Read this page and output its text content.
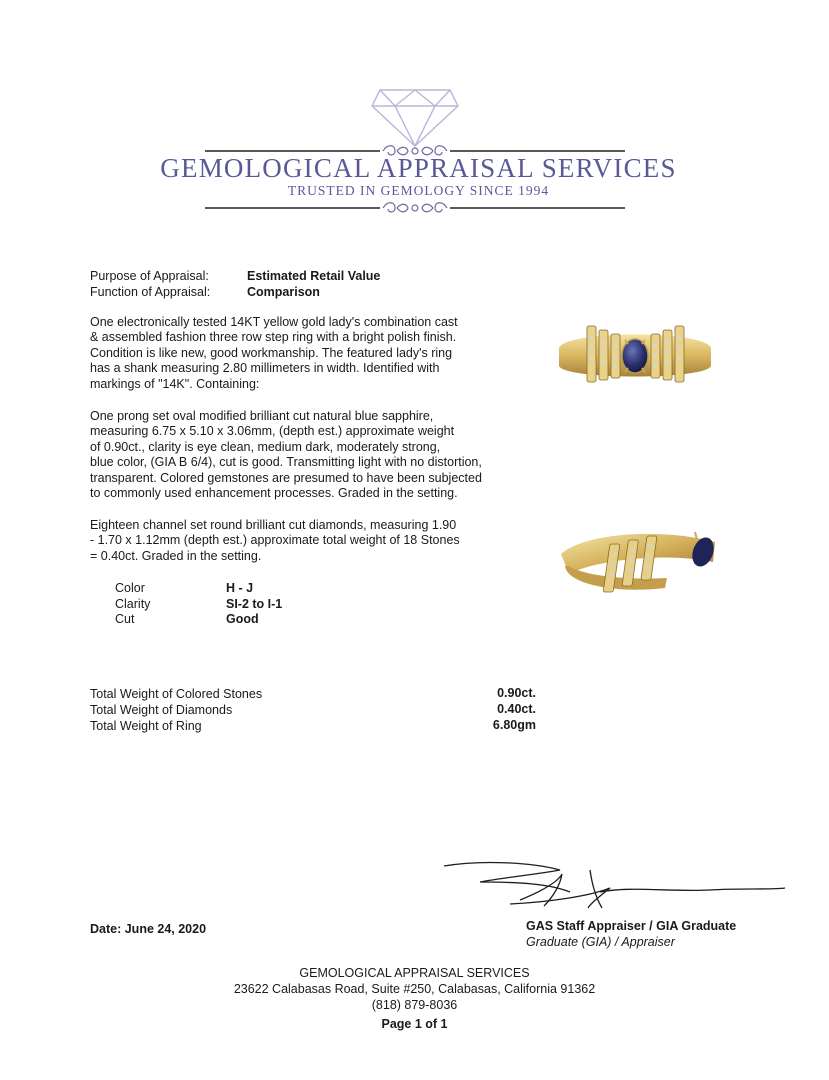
GEMOLOGICAL APPRAISAL SERVICES
TRUSTED IN GEMOLOGY SINCE 1994
Purpose of Appraisal:	Estimated Retail Value
Function of Appraisal:	Comparison
One electronically tested 14KT yellow gold lady's combination cast
& assembled fashion three row step ring with a bright polish finish.
Condition is like new, good workmanship. The featured lady's ring
has a shank measuring 2.80 millimeters in width. Identified with
markings of "14K". Containing:
One prong set oval modified brilliant cut natural blue sapphire,
measuring 6.75 x 5.10 x 3.06mm, (depth est.) approximate weight
of 0.90ct., clarity is eye clean, medium dark, moderately strong,
blue color, (GIA B 6/4), cut is good. Transmitting light with no distortion,
transparent. Colored gemstones are presumed to have been subjected
to commonly used enhancement processes. Graded in the setting.
Eighteen channel set round brilliant cut diamonds, measuring 1.90
- 1.70 x 1.12mm (depth est.) approximate total weight of 18 Stones
= 0.40ct. Graded in the setting.
Color	H - J
Clarity	SI-2 to I-1
Cut	Good
Total Weight of Colored Stones	0.90ct.
Total Weight of Diamonds	0.40ct.
Total Weight of Ring	6.80gm
Date: June 24, 2020	GAS Staff Appraiser / GIA Graduate
Graduate (GIA) / Appraiser
GEMOLOGICAL APPRAISAL SERVICES
23622 Calabasas Road, Suite #250, Calabasas, California 91362
(818) 879-8036
Page 1 of 1
